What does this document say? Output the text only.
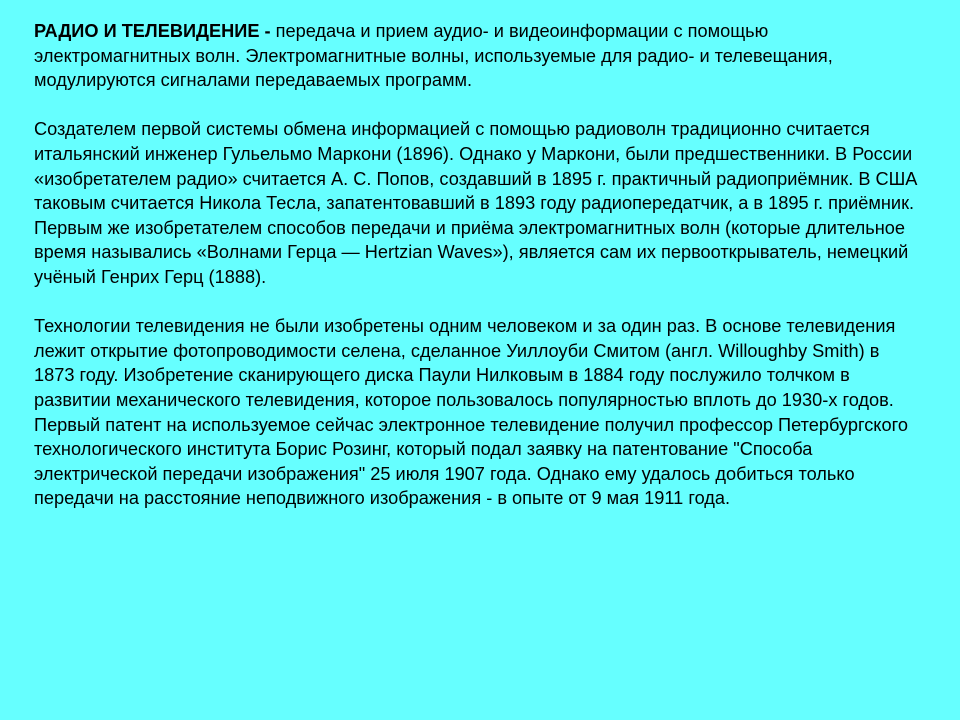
РАДИО И ТЕЛЕВИДЕНИЕ - передача и прием аудио- и видеоинформации с помощью электромагнитных волн. Электромагнитные волны, используемые для радио- и телевещания, модулируются сигналами передаваемых программ.

Создателем первой системы обмена информацией с помощью радиоволн традиционно считается итальянский инженер Гульельмо Маркони (1896). Однако у Маркони, были предшественники. В России «изобретателем радио» считается А. С. Попов, создавший в 1895 г. практичный радиоприёмник. В США таковым считается Никола Тесла, запатентовавший в 1893 году радиопередатчик, а в 1895 г. приёмник.

Первым же изобретателем способов передачи и приёма электромагнитных волн (которые длительное время назывались «Волнами Герца — Hertzian Waves»), является сам их первооткрыватель, немецкий учёный Генрих Герц (1888).

Технологии телевидения не были изобретены одним человеком и за один раз. В основе телевидения лежит открытие фотопроводимости селена, сделанное Уиллоуби Смитом (англ. Willoughby Smith) в 1873 году. Изобретение сканирующего диска Паули Нилковым в 1884 году послужило толчком в развитии механического телевидения, которое пользовалось популярностью вплоть до 1930-х годов.

Первый патент на используемое сейчас электронное телевидение получил профессор Петербургского технологического института Борис Розинг, который подал заявку на патентование "Способа электрической передачи изображения" 25 июля 1907 года. Однако ему удалось добиться только передачи на расстояние неподвижного изображения - в опыте от 9 мая 1911 года.
